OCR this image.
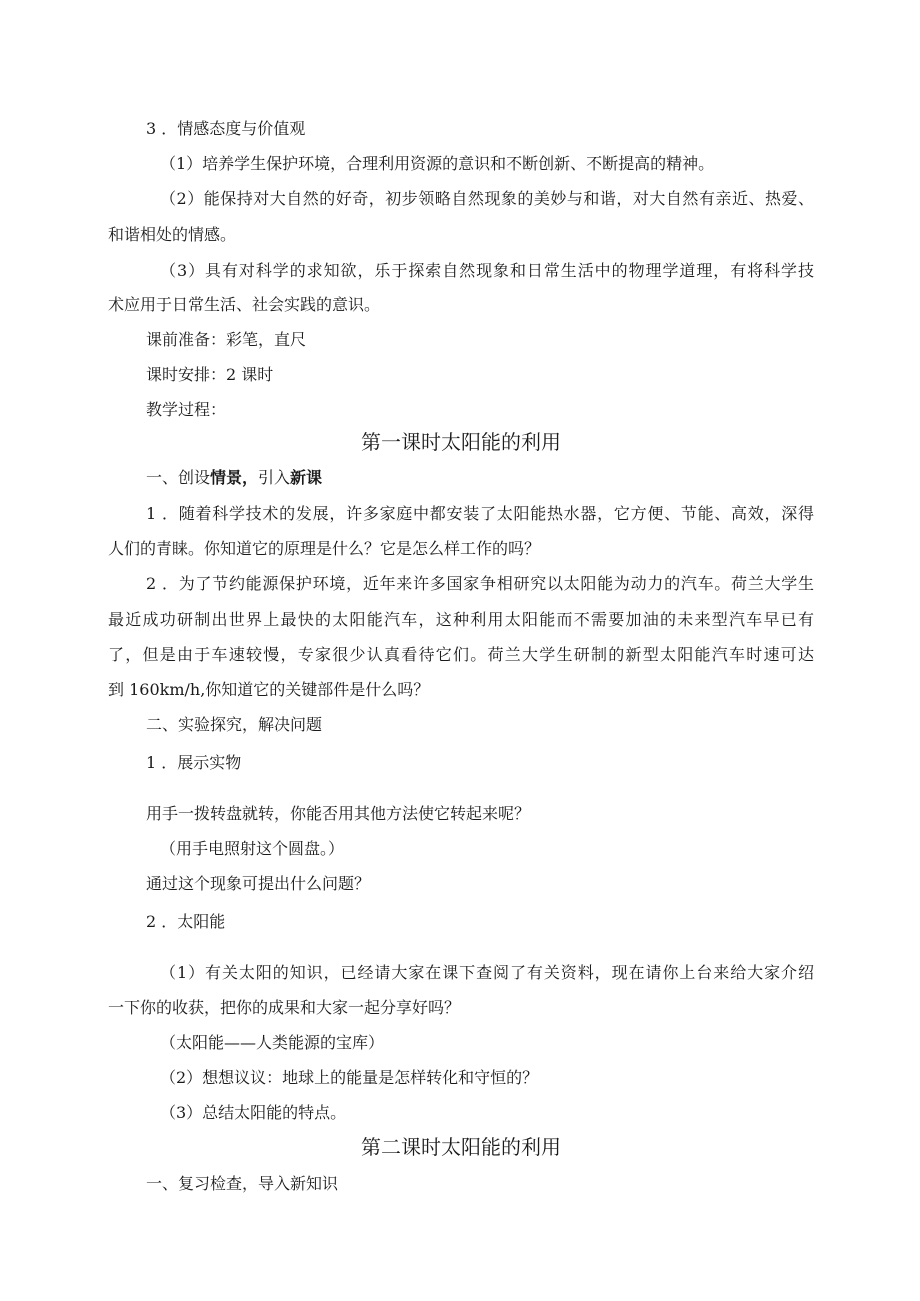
3 ．情感态度与价值观
（1）培养学生保护环境，合理利用资源的意识和不断创新、不断提高的精神。
（2）能保持对大自然的好奇，初步领略自然现象的美妙与和谐，对大自然有亲近、热爱、
和谐相处的情感。
（3）具有对科学的求知欲，乐于探索自然现象和日常生活中的物理学道理，有将科学技
术应用于日常生活、社会实践的意识。
课前准备：彩笔，直尺
课时安排：2 课时
教学过程：
第一课时太阳能的利用
一、创设情景，引入新课
1 ．随着科学技术的发展，许多家庭中都安装了太阳能热水器，它方便、节能、高效，深得
人们的青睐。你知道它的原理是什么？它是怎么样工作的吗？
2 ．为了节约能源保护环境，近年来许多国家争相研究以太阳能为动力的汽车。荷兰大学生
最近成功研制出世界上最快的太阳能汽车，这种利用太阳能而不需要加油的未来型汽车早已有
了，但是由于车速较慢，专家很少认真看待它们。荷兰大学生研制的新型太阳能汽车时速可达
到 160km/h,你知道它的关键部件是什么吗？
二、实验探究，解决问题
1 ．展示实物
用手一拨转盘就转，你能否用其他方法使它转起来呢？
（用手电照射这个圆盘。）
通过这个现象可提出什么问题？
2 ．太阳能
（1）有关太阳的知识，已经请大家在课下查阅了有关资料，现在请你上台来给大家介绍
一下你的收获，把你的成果和大家一起分享好吗？
（太阳能——人类能源的宝库）
（2）想想议议：地球上的能量是怎样转化和守恒的？
（3）总结太阳能的特点。
第二课时太阳能的利用
一、复习检查，导入新知识
